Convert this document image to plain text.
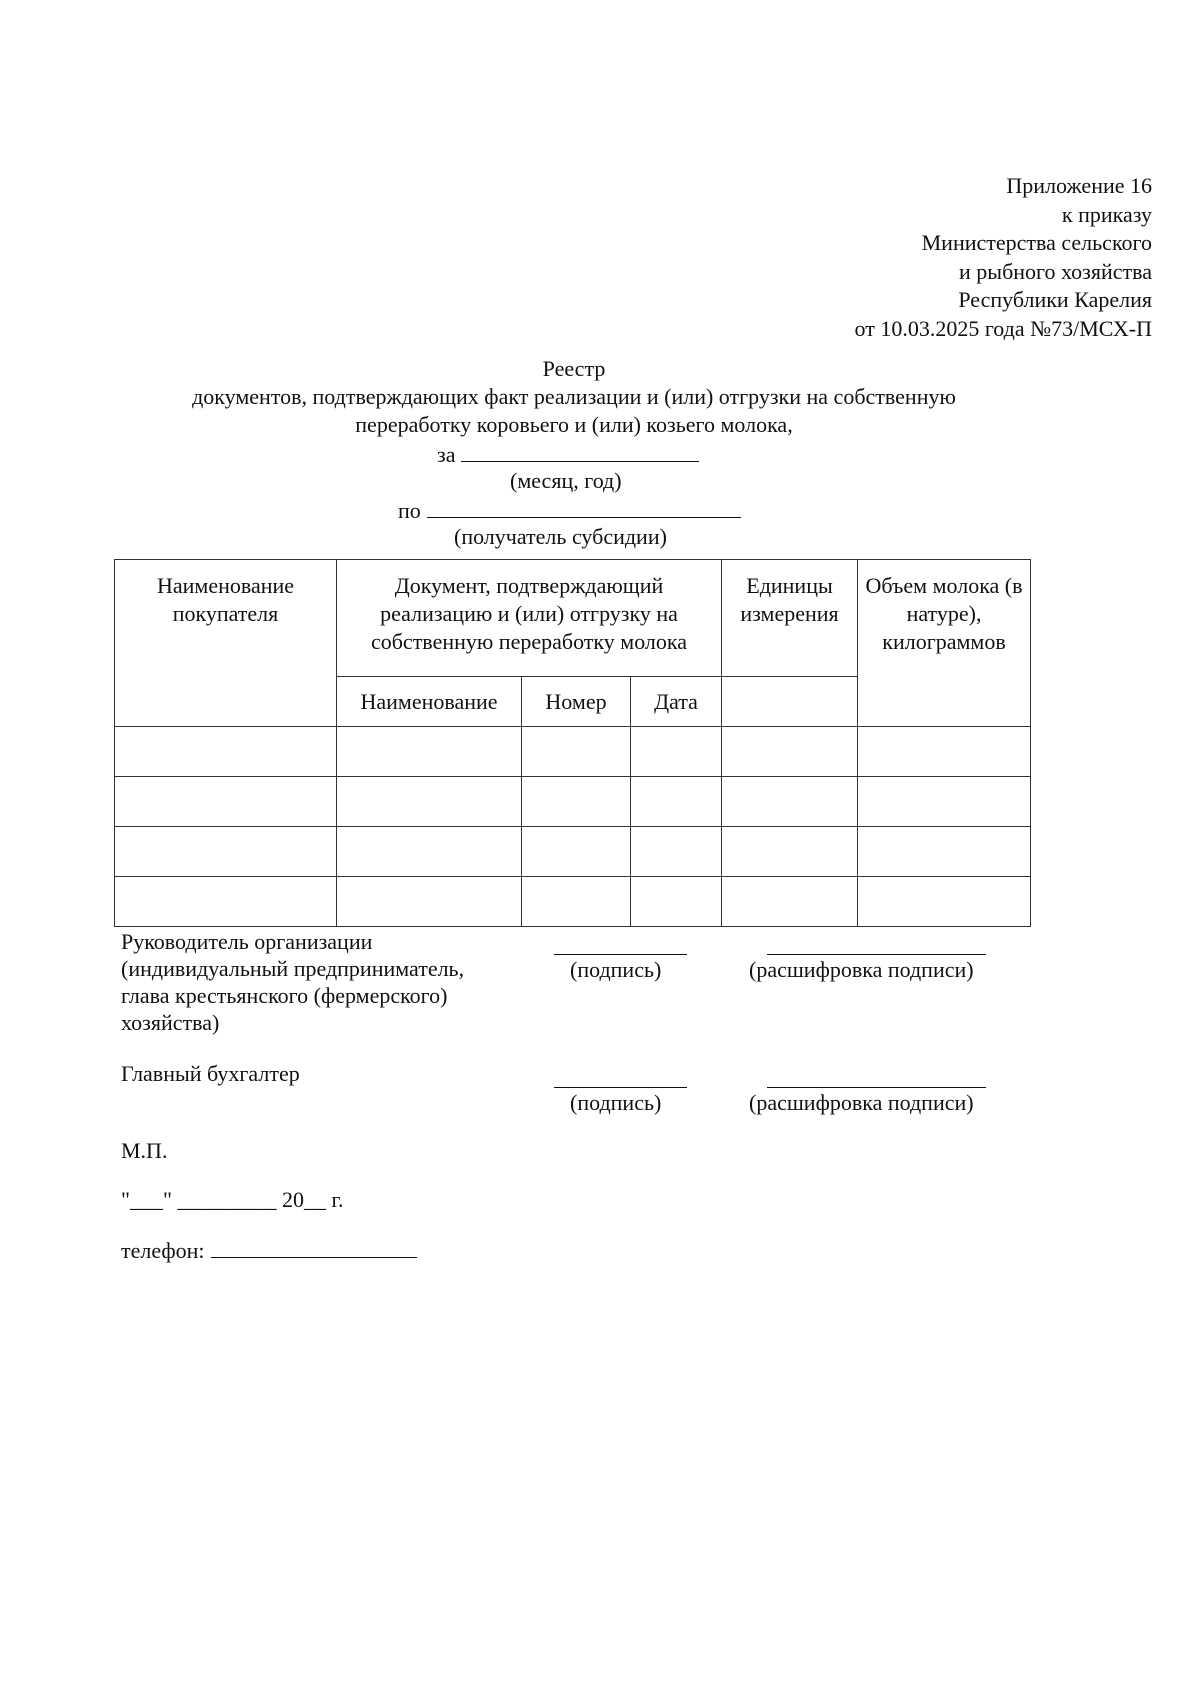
Приложение 16
к приказу
Министерства сельского
и рыбного хозяйства
Республики Карелия
от 10.03.2025 года №73/МСХ-П
Реестр
документов, подтверждающих факт реализации и (или) отгрузки на собственную
переработку коровьего и (или) козьего молока,
за
(месяц, год)
по
(получатель субсидии)
Наименование покупателя	Документ, подтверждающий реализацию и (или) отгрузку на собственную переработку молока			Единицы измерения	Объем молока (в натуре), килограммов
	Наименование	Номер	Дата		

Руководитель организации
(индивидуальный предприниматель,
глава крестьянского (фермерского)
хозяйства)
(подпись)	(расшифровка подписи)
Главный бухгалтер
(подпись)	(расшифровка подписи)
М.П.
"___" _________ 20__ г.
телефон:
